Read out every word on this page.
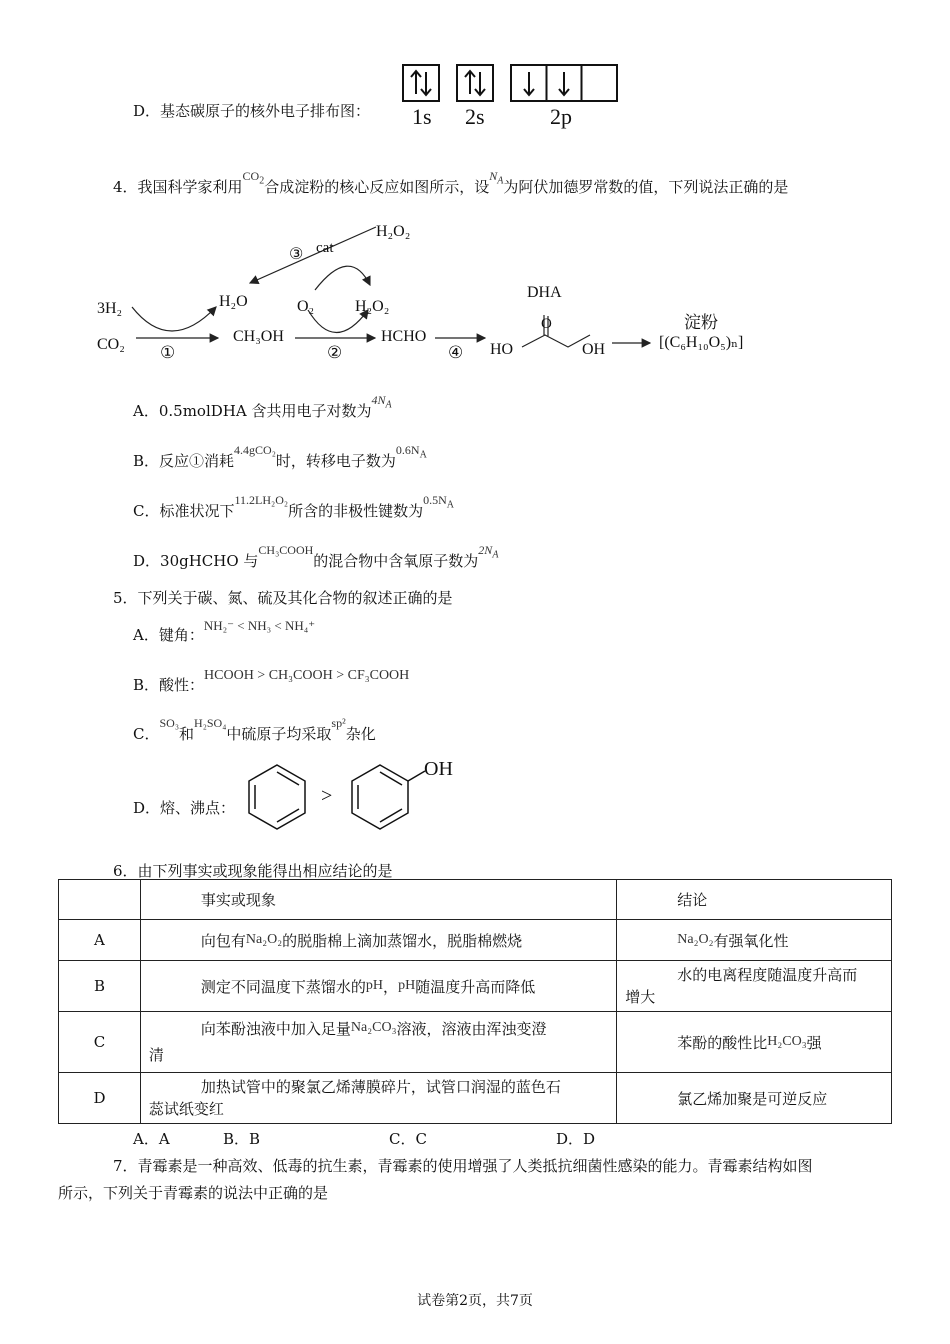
D．基态碳原子的核外电子排布图： 1s 2s	2p
4．我国科学家利用$^{CO_2}$合成淀粉的核心反应如图所示，设$^{N_A}$为阿伏加德罗常数的值，下列说法正确的是
H₂O₂
cat
③
3H₂
CO₂
H₂O
①
CH₃OH
O₂	H₂O₂
②
HCHO
④
DHA
O
HO	OH
淀粉
[(C₆H₁₀O₅)ₙ]
A．0.5molDHA 含共用电子对数为$^{4N_A}$
B．反应①消耗$^{4.4gCO_2}$时，转移电子数为$^{0.6N_A}$
C．标准状况下$^{11.2LH_2O_2}$所含的非极性键数为$^{0.5N_A}$
D．30gHCHO 与$^{CH_3COOH}$的混合物中含氧原子数为$^{2N_A}$
5．下列关于碳、氮、硫及其化合物的叙述正确的是
A．键角：NH₂⁻ < NH₃ < NH₄⁺
B．酸性：HCOOH > CH₃COOH > CF₃COOH
C．$^{SO_3}$和$^{H_2SO_4}$中硫原子均采取$^{sp^2}$杂化
D．熔、沸点：
>
OH
6．由下列事实或现象能得出相应结论的是
	事实或现象	结论
A	向包有Na₂O₂的脱脂棉上滴加蒸馏水，脱脂棉燃烧	Na₂O₂有强氧化性
B	测定不同温度下蒸馏水的pH，pH随温度升高而降低	水的电离程度随温度升高而
增大

C	向苯酚浊液中加入足量Na₂CO₃溶液，溶液由浑浊变澄
清	苯酚的酸性比H₂CO₃强
D	加热试管中的聚氯乙烯薄膜碎片，试管口润湿的蓝色石
蕊试纸变红	氯乙烯加聚是可逆反应
A．A	B．B	C．C	D．D
7．青霉素是一种高效、低毒的抗生素，青霉素的使用增强了人类抵抗细菌性感染的能力。青霉素结构如图
所示，下列关于青霉素的说法中正确的是
试卷第2页，共7页
